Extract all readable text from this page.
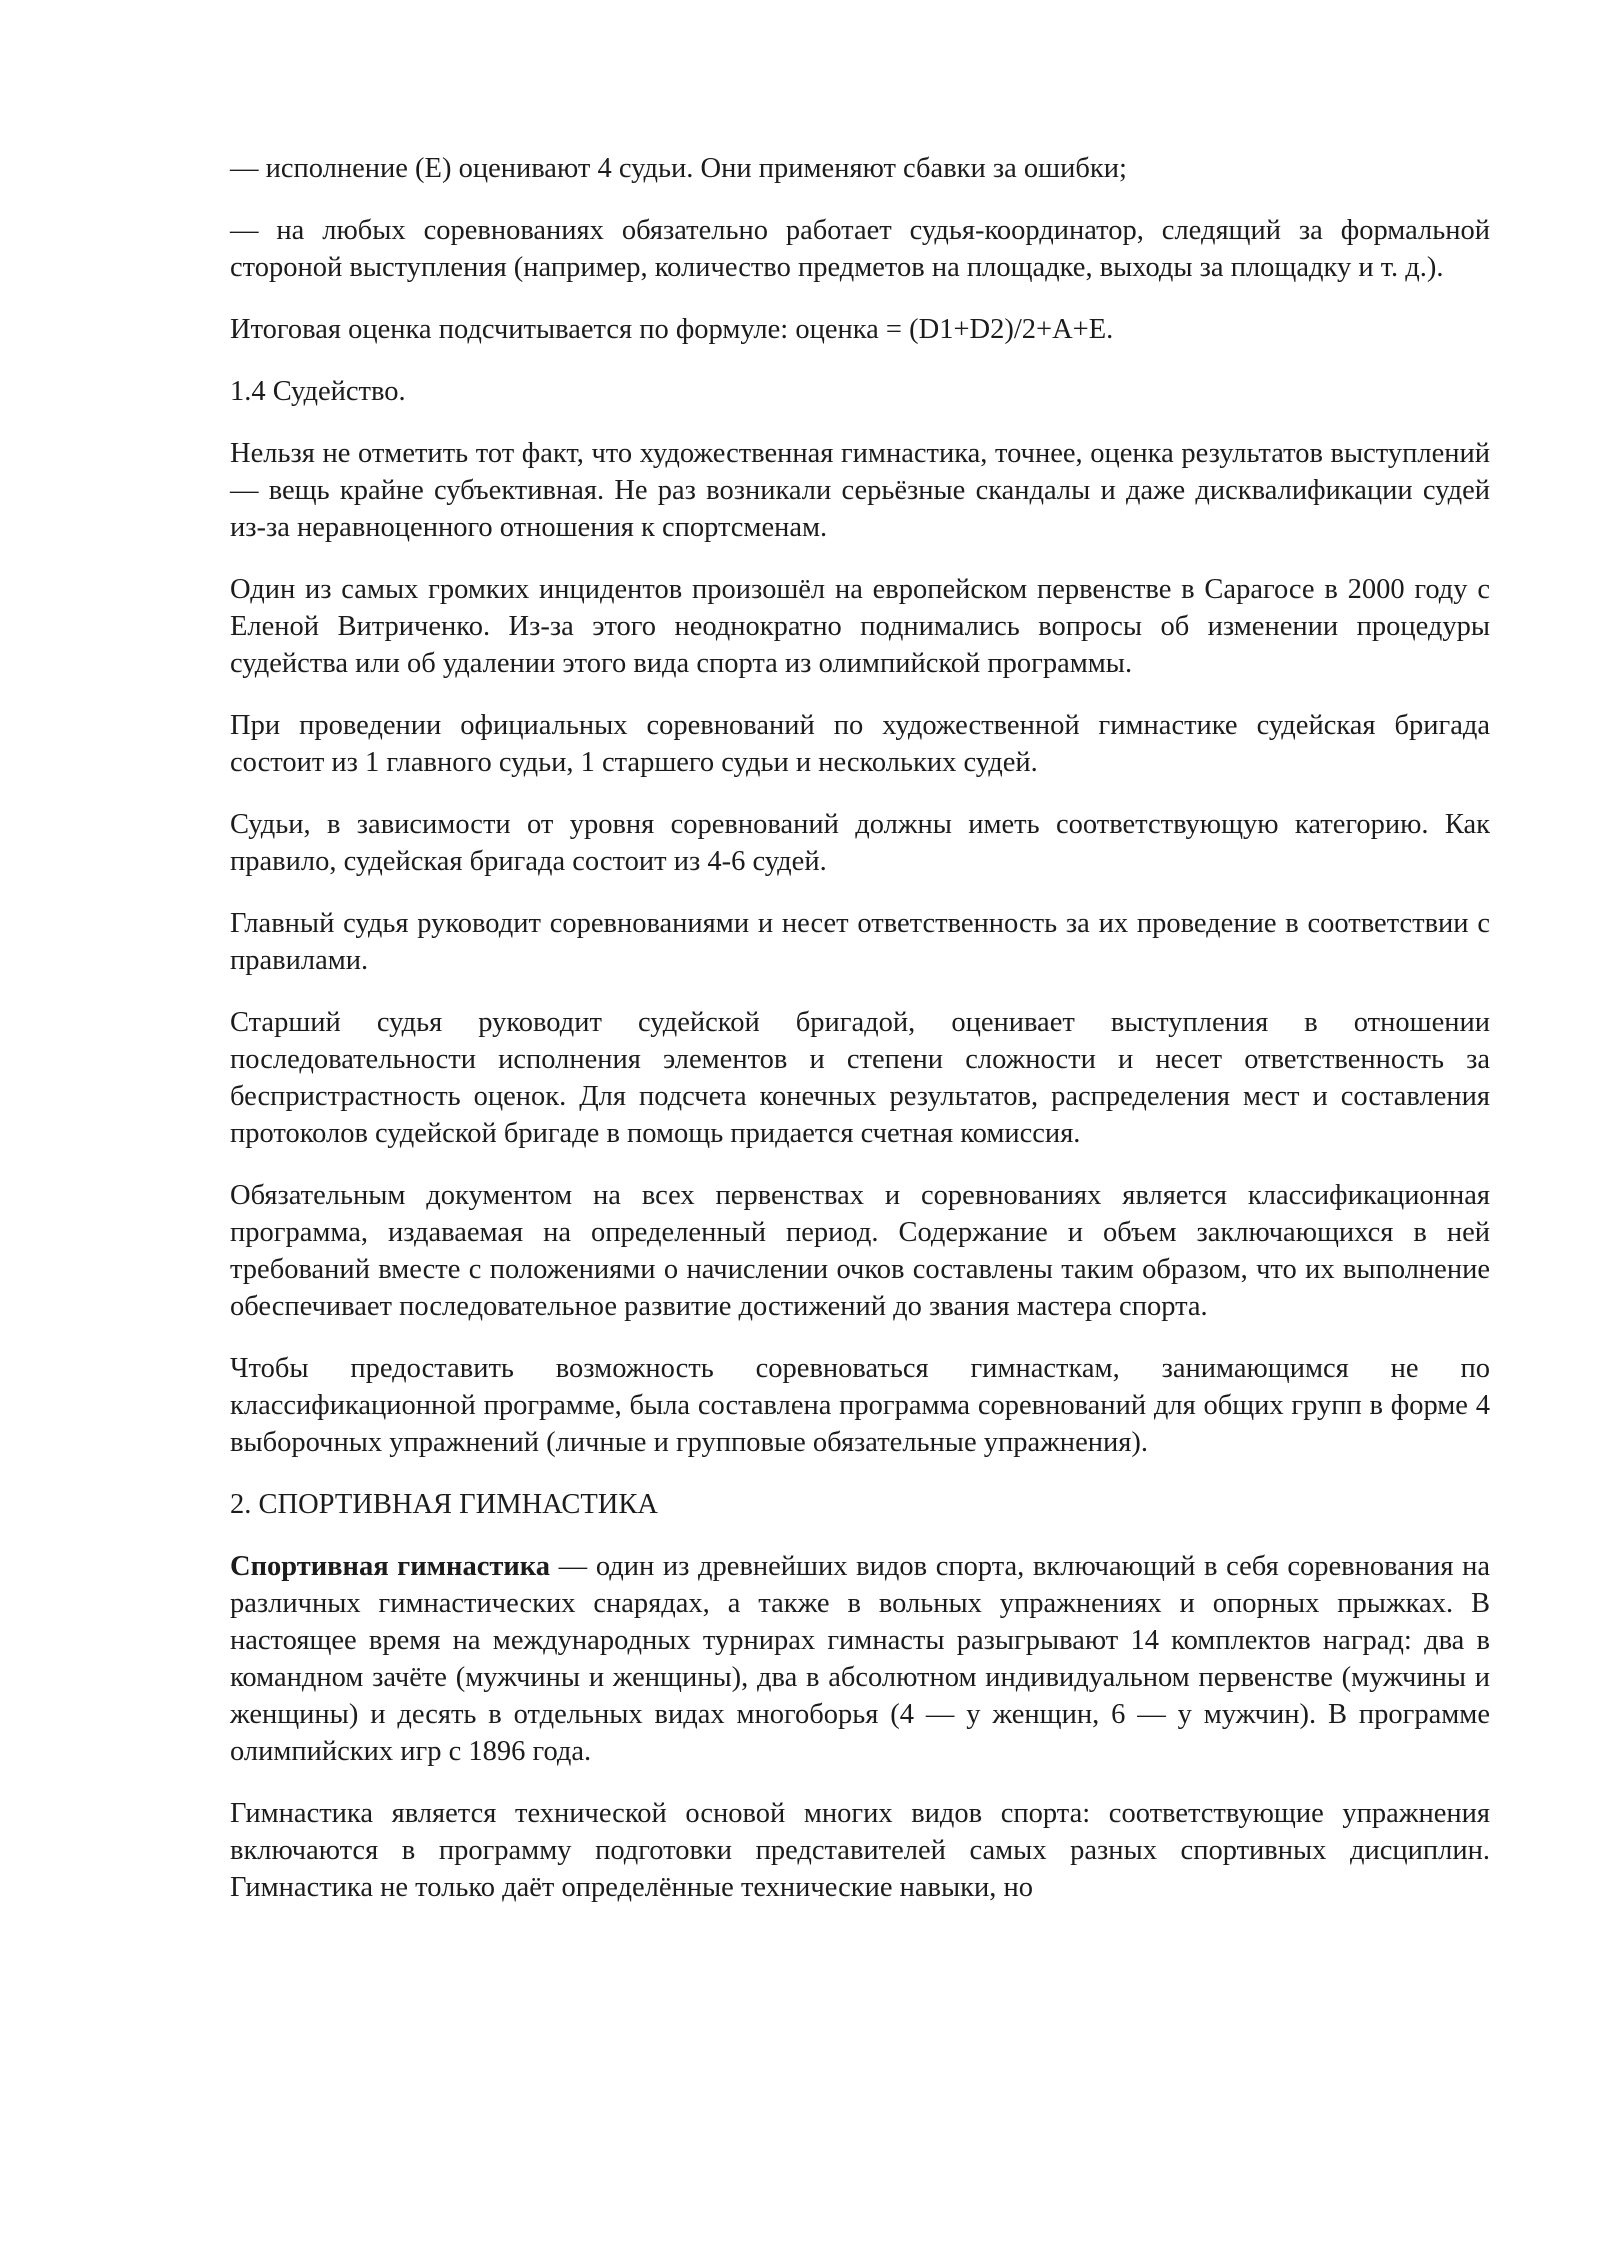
— исполнение (E) оценивают 4 судьи. Они применяют сбавки за ошибки;

— на любых соревнованиях обязательно работает судья-координатор, следящий за формальной стороной выступления (например, количество предметов на площадке, выходы за площадку и т. д.).

Итоговая оценка подсчитывается по формуле: оценка = (D1+D2)/2+A+E.

1.4 Судейство.

Нельзя не отметить тот факт, что художественная гимнастика, точнее, оценка результатов выступлений — вещь крайне субъективная. Не раз возникали серьёзные скандалы и даже дисквалификации судей из-за неравноценного отношения к спортсменам.

Один из самых громких инцидентов произошёл на европейском первенстве в Сарагосе в 2000 году с Еленой Витриченко. Из-за этого неоднократно поднимались вопросы об изменении процедуры судейства или об удалении этого вида спорта из олимпийской программы.

При проведении официальных соревнований по художественной гимнастике судейская бригада состоит из 1 главного судьи, 1 старшего судьи и нескольких судей.

Судьи, в зависимости от уровня соревнований должны иметь соответствующую категорию. Как правило, судейская бригада состоит из 4-6 судей.

Главный судья руководит соревнованиями и несет ответственность за их проведение в соответствии с правилами.

Старший судья руководит судейской бригадой, оценивает выступления в отношении последовательности исполнения элементов и степени сложности и несет ответственность за беспристрастность оценок. Для подсчета конечных результатов, распределения мест и составления протоколов судейской бригаде в помощь придается счетная комиссия.

Обязательным документом на всех первенствах и соревнованиях является классификационная программа, издаваемая на определенный период. Содержание и объем заключающихся в ней требований вместе с положениями о начислении очков составлены таким образом, что их выполнение обеспечивает последовательное развитие достижений до звания мастера спорта.

Чтобы предоставить возможность соревноваться гимнасткам, занимающимся не по классификационной программе, была составлена программа соревнований для общих групп в форме 4 выборочных упражнений (личные и групповые обязательные упражнения).

2. СПОРТИВНАЯ ГИМНАСТИКА

Спортивная гимнастика — один из древнейших видов спорта, включающий в себя соревнования на различных гимнастических снарядах, а также в вольных упражнениях и опорных прыжках. В настоящее время на международных турнирах гимнасты разыгрывают 14 комплектов наград: два в командном зачёте (мужчины и женщины), два в абсолютном индивидуальном первенстве (мужчины и женщины) и десять в отдельных видах многоборья (4 — у женщин, 6 — у мужчин). В программе олимпийских игр с 1896 года.

Гимнастика является технической основой многих видов спорта: соответствующие упражнения включаются в программу подготовки представителей самых разных спортивных дисциплин. Гимнастика не только даёт определённые технические навыки, но
